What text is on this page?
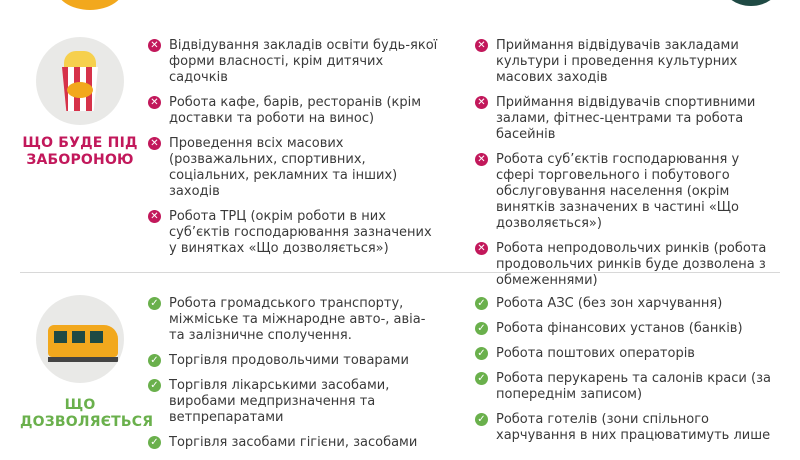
ЩО БУДЕ ПІД
ЗАБОРОНОЮ
✕ Відвідування закладів освіти будь-якої форми власності, крім дитячих садочків
✕ Робота кафе, барів, ресторанів (крім доставки та роботи на винос)
✕ Проведення всіх масових (розважальних, спортивних, соціальних, рекламних та інших) заходів
✕ Робота ТРЦ (окрім роботи в них суб’єктів господарювання зазначених у винятках «Що дозволяється»)
✕ Приймання відвідувачів закладами культури і проведення культурних масових заходів
✕ Приймання відвідувачів спортивними залами, фітнес-центрами та робота басейнів
✕ Робота суб’єктів господарювання у сфері торговельного і побутового обслуговування населення (окрім винятків зазначених в частині «Що дозволяється»)
✕ Робота непродовольчих ринків (робота продовольчих ринків буде дозволена з обмеженнями)
ЩО
ДОЗВОЛЯЄТЬСЯ
✓ Робота громадського транспорту, міжміське та міжнародне авто-, авіа- та залізничне сполучення.
✓ Торгівля продовольчими товарами
✓ Торгівля лікарськими засобами, виробами медпризначення та ветпрепаратами
✓ Торгівля засобами гігієни, засобами
✓ Робота АЗС (без зон харчування)
✓ Робота фінансових установ (банків)
✓ Робота поштових операторів
✓ Робота перукарень та салонів краси (за попереднім записом)
✓ Робота готелів (зони спільного харчування в них працюватимуть лише
